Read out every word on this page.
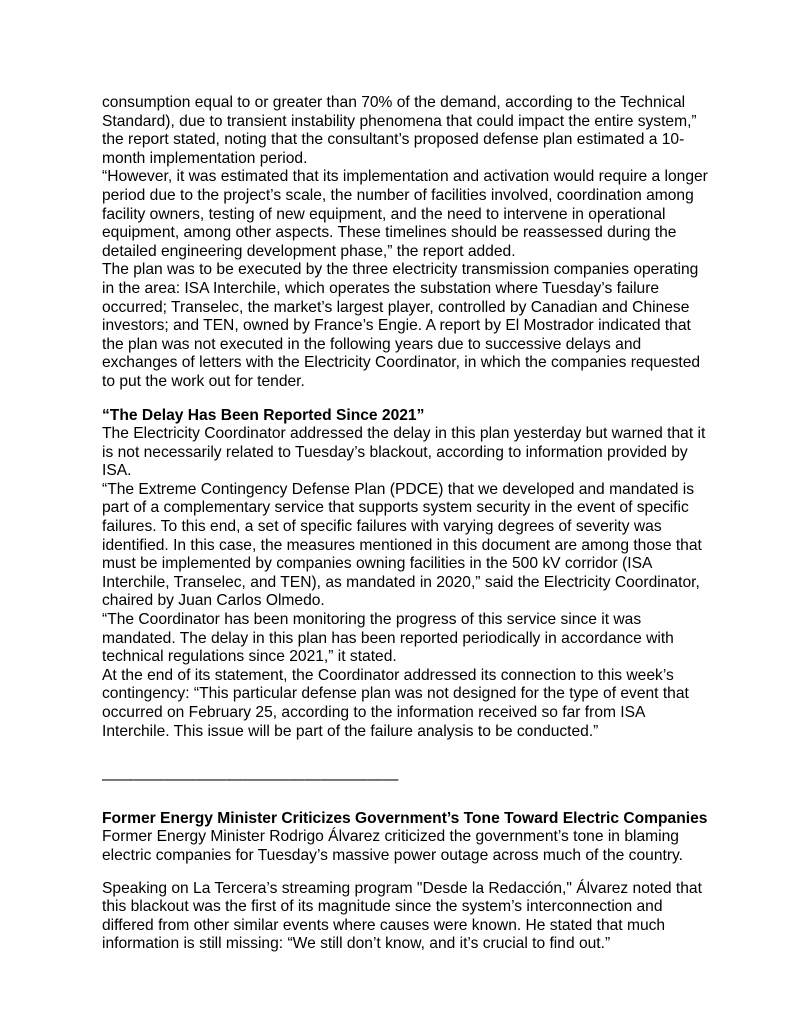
consumption equal to or greater than 70% of the demand, according to the Technical
Standard), due to transient instability phenomena that could impact the entire system,”
the report stated, noting that the consultant’s proposed defense plan estimated a 10-
month implementation period.
“However, it was estimated that its implementation and activation would require a longer
period due to the project’s scale, the number of facilities involved, coordination among
facility owners, testing of new equipment, and the need to intervene in operational
equipment, among other aspects. These timelines should be reassessed during the
detailed engineering development phase,” the report added.
The plan was to be executed by the three electricity transmission companies operating
in the area: ISA Interchile, which operates the substation where Tuesday’s failure
occurred; Transelec, the market’s largest player, controlled by Canadian and Chinese
investors; and TEN, owned by France’s Engie. A report by El Mostrador indicated that
the plan was not executed in the following years due to successive delays and
exchanges of letters with the Electricity Coordinator, in which the companies requested
to put the work out for tender.
“The Delay Has Been Reported Since 2021”
The Electricity Coordinator addressed the delay in this plan yesterday but warned that it
is not necessarily related to Tuesday’s blackout, according to information provided by
ISA.
“The Extreme Contingency Defense Plan (PDCE) that we developed and mandated is
part of a complementary service that supports system security in the event of specific
failures. To this end, a set of specific failures with varying degrees of severity was
identified. In this case, the measures mentioned in this document are among those that
must be implemented by companies owning facilities in the 500 kV corridor (ISA
Interchile, Transelec, and TEN), as mandated in 2020,” said the Electricity Coordinator,
chaired by Juan Carlos Olmedo.
“The Coordinator has been monitoring the progress of this service since it was
mandated. The delay in this plan has been reported periodically in accordance with
technical regulations since 2021,” it stated.
At the end of its statement, the Coordinator addressed its connection to this week’s
contingency: “This particular defense plan was not designed for the type of event that
occurred on February 25, according to the information received so far from ISA
Interchile. This issue will be part of the failure analysis to be conducted.”
———————————————————
Former Energy Minister Criticizes Government’s Tone Toward Electric Companies
Former Energy Minister Rodrigo Álvarez criticized the government’s tone in blaming
electric companies for Tuesday’s massive power outage across much of the country.
Speaking on La Tercera’s streaming program "Desde la Redacción," Álvarez noted that
this blackout was the first of its magnitude since the system’s interconnection and
differed from other similar events where causes were known. He stated that much
information is still missing: “We still don’t know, and it’s crucial to find out.”
